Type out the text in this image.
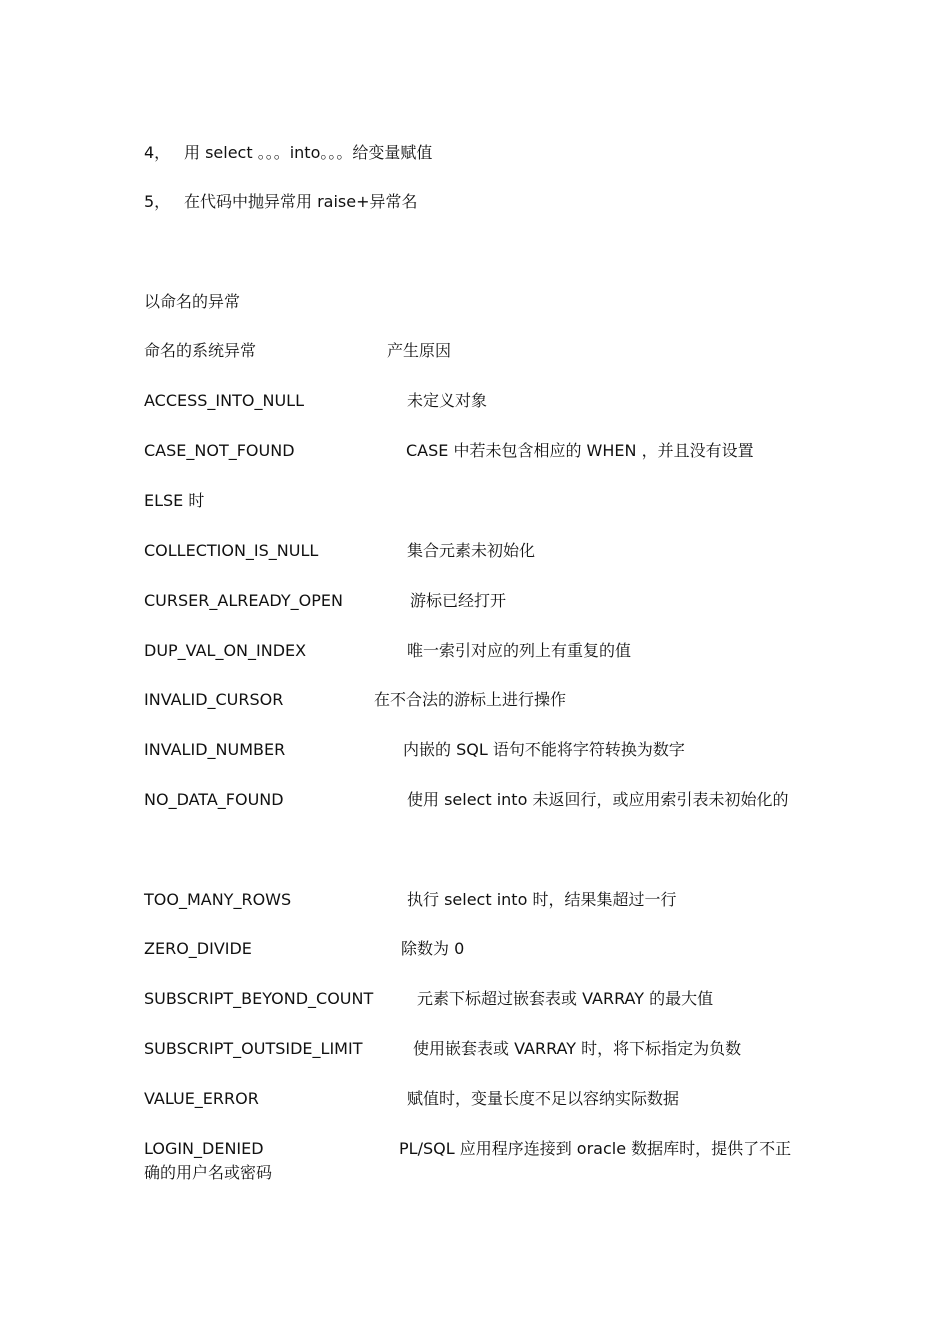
4， 用 select 。。。into。。。给变量赋值
5， 在代码中抛异常用 raise+异常名
以命名的异常
命名的系统异常	产生原因
ACCESS_INTO_NULL	未定义对象
CASE_NOT_FOUND	CASE 中若未包含相应的 WHEN ，并且没有设置
ELSE 时
COLLECTION_IS_NULL	集合元素未初始化
CURSER_ALREADY_OPEN	游标已经打开
DUP_VAL_ON_INDEX	唯一索引对应的列上有重复的值
INVALID_CURSOR	在不合法的游标上进行操作
INVALID_NUMBER	内嵌的 SQL 语句不能将字符转换为数字
NO_DATA_FOUND	使用 select into 未返回行，或应用索引表未初始化的
TOO_MANY_ROWS	执行 select into 时，结果集超过一行
ZERO_DIVIDE	除数为 0
SUBSCRIPT_BEYOND_COUNT	元素下标超过嵌套表或 VARRAY 的最大值
SUBSCRIPT_OUTSIDE_LIMIT	使用嵌套表或 VARRAY 时，将下标指定为负数
VALUE_ERROR	赋值时，变量长度不足以容纳实际数据
LOGIN_DENIED	PL/SQL 应用程序连接到 oracle 数据库时，提供了不正
确的用户名或密码
